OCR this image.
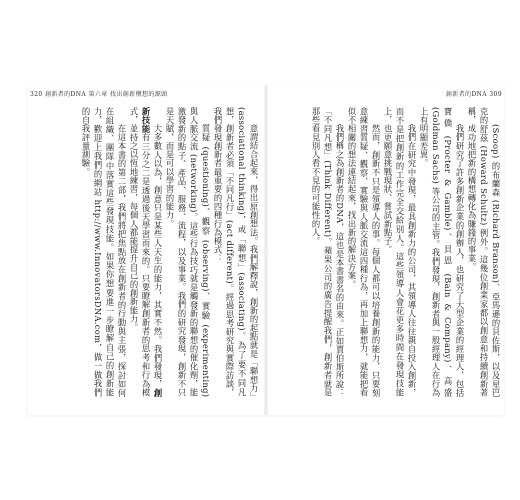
320 創新者的DNA 第六章 找出創新構想的源頭

意謂結合起來，得出原創想法。我們解釋說，創新的起點就是「聯想力」(associational thinking)，或「聯想」(associating)。為了要不同凡想，創新者必須「不同凡行」(act different)。經過思考研究與實際訪談，我們發現創新者最重要的四種行為模式：

質疑 (questioning)、觀察 (observing)、實驗 (experimenting) 與人脈交流 (networking)。這些行為技巧就是觸發新的聯想的催化劑，能激發新的點子、產品、服務、流程，以及事業。我們的研究發現，創新不只是天賦，而是可以學習的能力。

大多數人以為，創意只是某些人天生的能力，其實不然。我們發現，創新技能有三分之二是透過後天學習而來的。只要瞭解創新者的思考和行為模式，並持之以恆地練習，每個人都能提升自己的創新能力。

在這本書的第二部，我們將把焦點放在創新者的行動與主張，探討如何在組織、團隊中落實這些發現技能。如果你想要進一步瞭解自己的創新能力，歡迎上我們的網站 http://www.InnovatorsDNA.com，做一做我們的自我評量測驗。

創新者的DNA 309

(Scoop) 的布蘭森 (Richard Branson)、亞馬遜的貝佐斯，以及星巴克的舒茲 (Howard Schultz) 例外。這幾位創業家都以創意和持續創新著稱，成功地把新的構想轉化為賺錢的事業。

我們研究了許多創新企業的創辦人，也研究了大型企業的經理人，包括寶僑 (Procter & Gamble)、貝恩 (Bain & Company)、高盛 (Goldman Sachs) 等公司的主管。我們發現，創新者與一般經理人在行為上有明顯差異。

我們在研究中發現，最具創新力的公司，其領導人往往親自投入創新，而不是把創新的工作完全交給別人。這些領導人會花更多時間在發現技能上，也更願意挑戰現狀、嘗試新點子。

然而，創新不只是領導人的事。每個人都可以培養創新的能力，只要刻意練習質疑、觀察、實驗與人脈交流這四種行為，再加上聯想力，就能把看似不相關的想法連結起來，找出新的解決方案。

我們稱之為創新者的DNA，這也是本書書名的由來。正如賈伯斯所說：「不同凡想」(Think Different)。蘋果公司的廣告提醒我們，創新者就是那些看見別人看不見的可能性的人。
